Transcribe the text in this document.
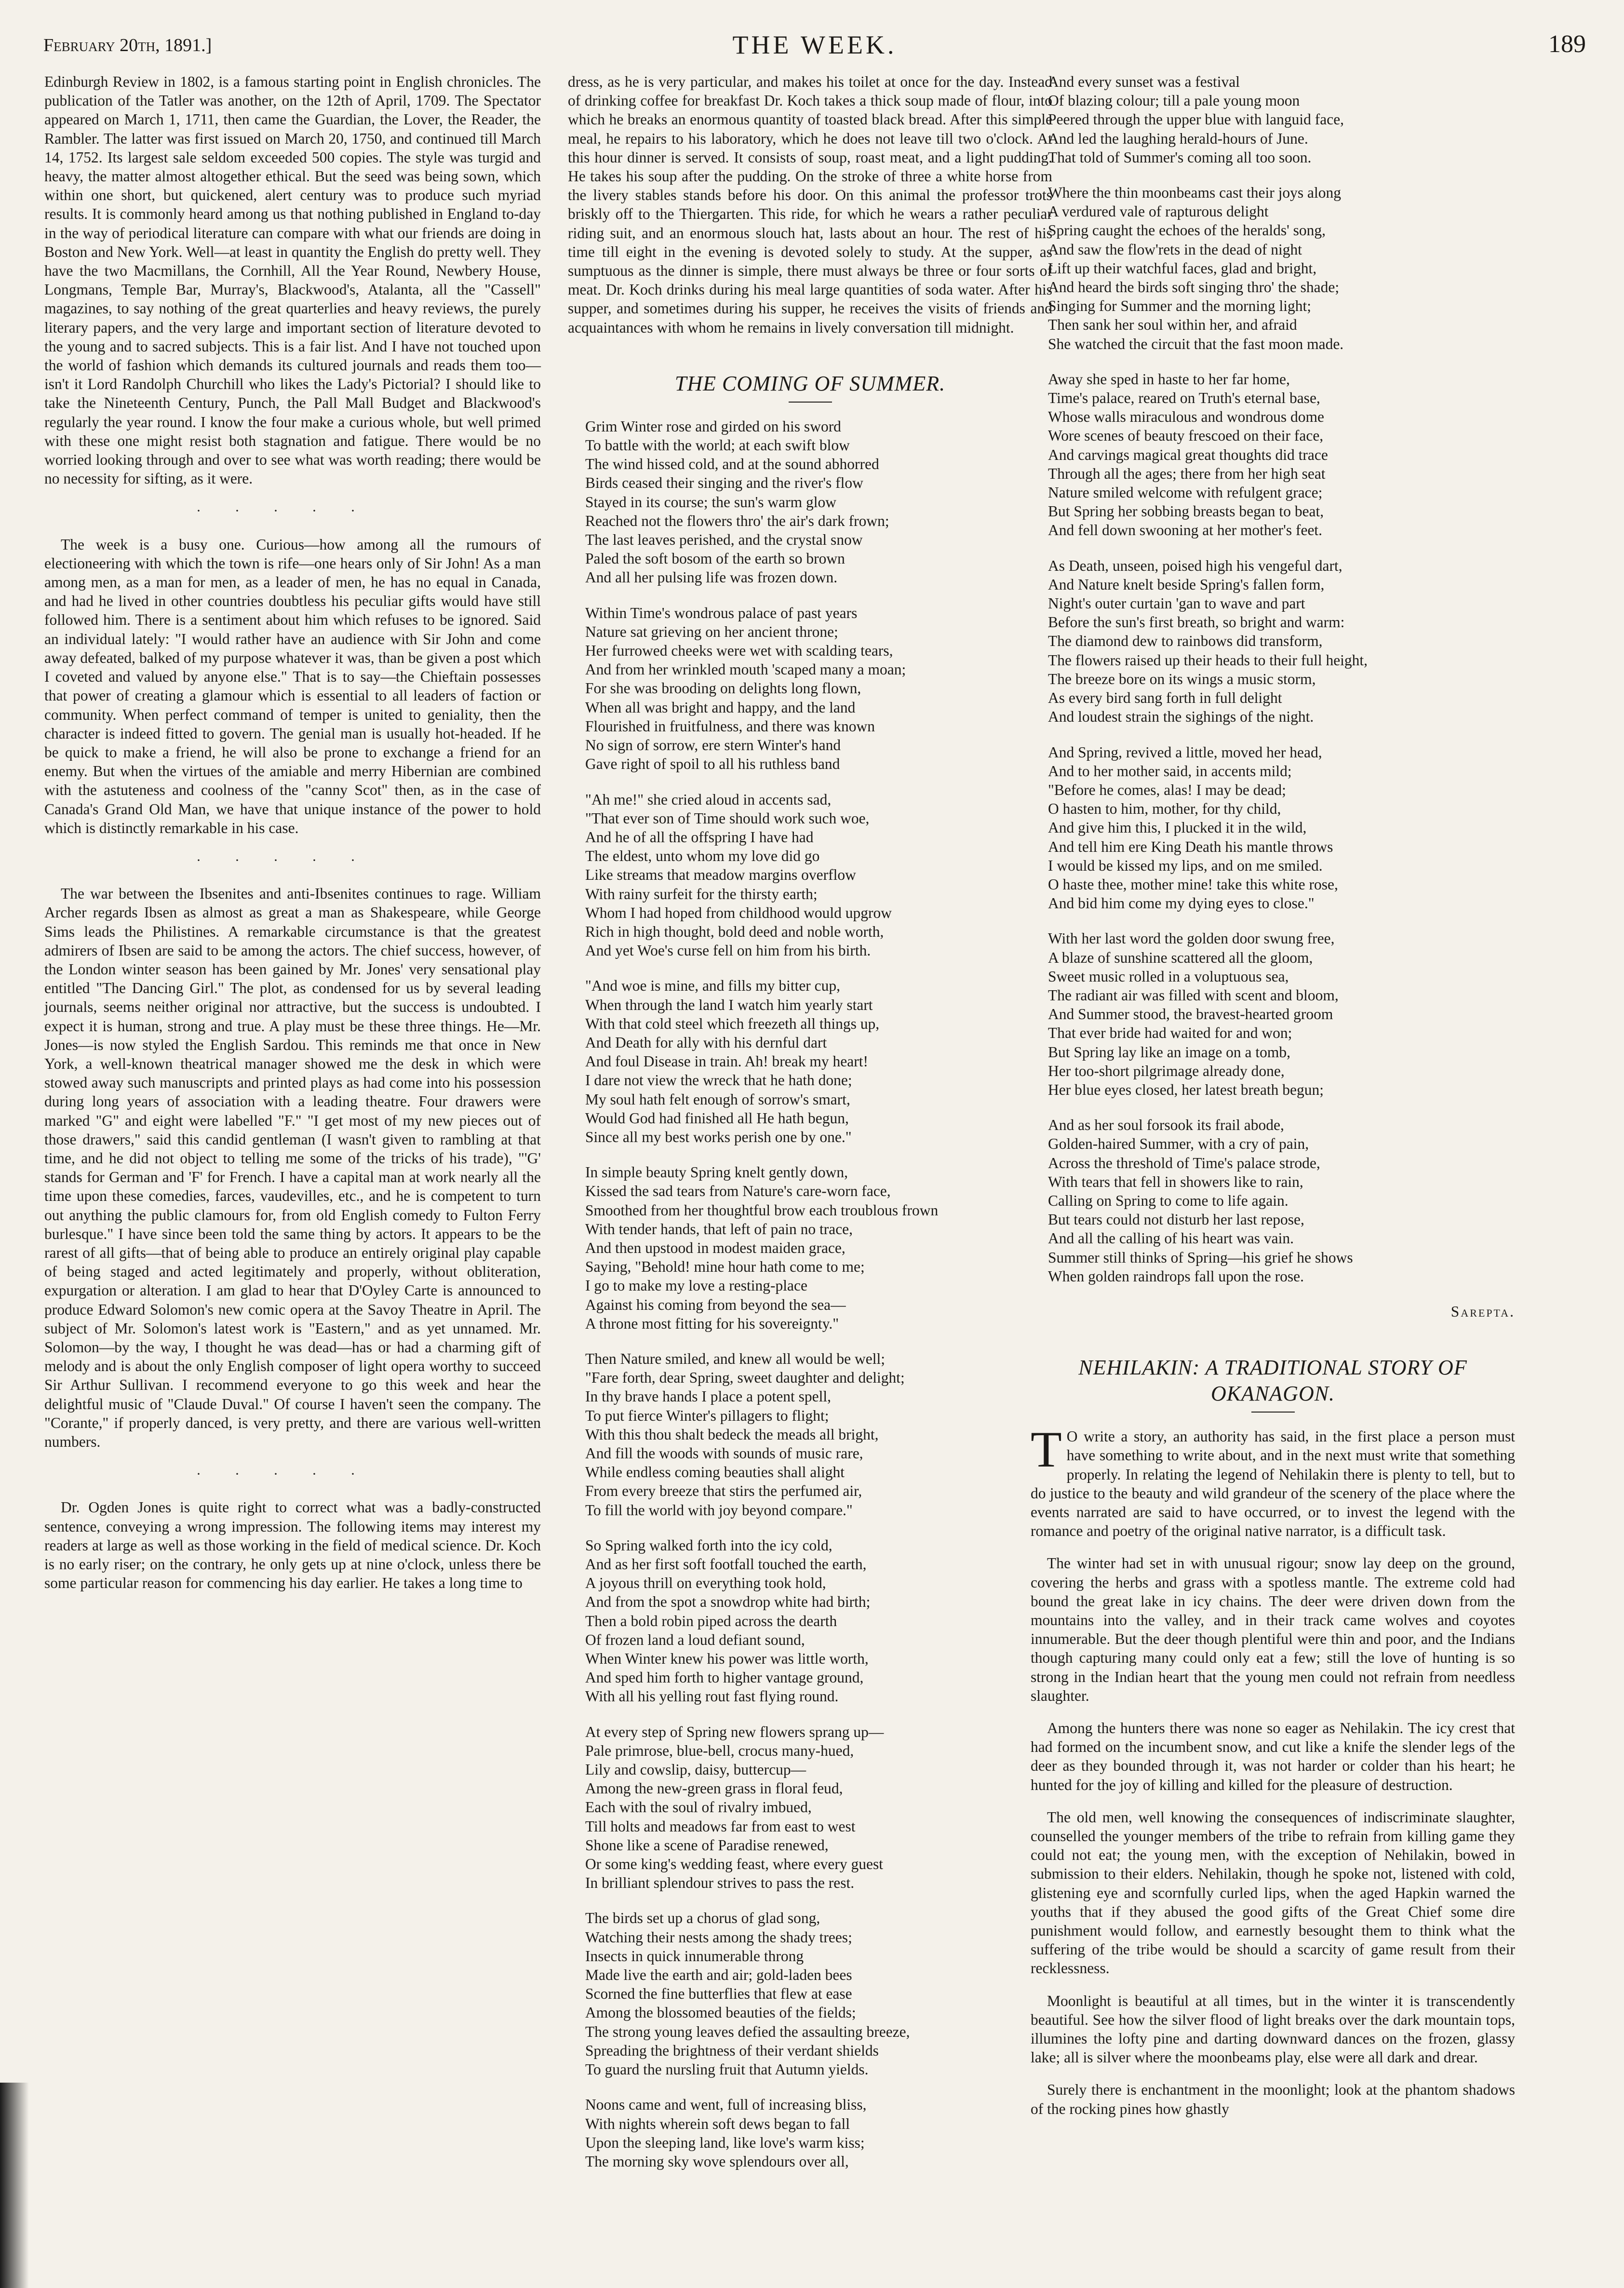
February 20th, 1891.]	THE WEEK.	189

Edinburgh Review in 1802, is a famous starting point in English chronicles. The publication of the Tatler was another, on the 12th of April, 1709. The Spectator appeared on March 1, 1711, then came the Guardian, the Lover, the Reader, the Rambler. The latter was first issued on March 20, 1750, and continued till March 14, 1752. Its largest sale seldom exceeded 500 copies. The style was turgid and heavy, the matter almost altogether ethical. But the seed was being sown, which within one short, but quickened, alert century was to produce such myriad results. It is commonly heard among us that nothing published in England to-day in the way of periodical literature can compare with what our friends are doing in Boston and New York. Well—at least in quantity the English do pretty well. They have the two Macmillans, the Cornhill, All the Year Round, Newbery House, Longmans, Temple Bar, Murray's, Blackwood's, Atalanta, all the "Cassell" magazines, to say nothing of the great quarterlies and heavy reviews, the purely literary papers, and the very large and important section of literature devoted to the young and to sacred subjects. This is a fair list. And I have not touched upon the world of fashion which demands its cultured journals and reads them too—isn't it Lord Randolph Churchill who likes the Lady's Pictorial? I should like to take the Nineteenth Century, Punch, the Pall Mall Budget and Blackwood's regularly the year round. I know the four make a curious whole, but well primed with these one might resist both stagnation and fatigue. There would be no worried looking through and over to see what was worth reading; there would be no necessity for sifting, as it were.

·····

The week is a busy one. Curious—how among all the rumours of electioneering with which the town is rife—one hears only of Sir John! As a man among men, as a man for men, as a leader of men, he has no equal in Canada, and had he lived in other countries doubtless his peculiar gifts would have still followed him. There is a sentiment about him which refuses to be ignored. Said an individual lately: "I would rather have an audience with Sir John and come away defeated, balked of my purpose whatever it was, than be given a post which I coveted and valued by anyone else." That is to say—the Chieftain possesses that power of creating a glamour which is essential to all leaders of faction or community. When perfect command of temper is united to geniality, then the character is indeed fitted to govern. The genial man is usually hot-headed. If he be quick to make a friend, he will also be prone to exchange a friend for an enemy. But when the virtues of the amiable and merry Hibernian are combined with the astuteness and coolness of the "canny Scot" then, as in the case of Canada's Grand Old Man, we have that unique instance of the power to hold which is distinctly remarkable in his case.

·····

The war between the Ibsenites and anti-Ibsenites continues to rage. William Archer regards Ibsen as almost as great a man as Shakespeare, while George Sims leads the Philistines. A remarkable circumstance is that the greatest admirers of Ibsen are said to be among the actors. The chief success, however, of the London winter season has been gained by Mr. Jones' very sensational play entitled "The Dancing Girl." The plot, as condensed for us by several leading journals, seems neither original nor attractive, but the success is undoubted. I expect it is human, strong and true. A play must be these three things. He—Mr. Jones—is now styled the English Sardou. This reminds me that once in New York, a well-known theatrical manager showed me the desk in which were stowed away such manuscripts and printed plays as had come into his possession during long years of association with a leading theatre. Four drawers were marked "G" and eight were labelled "F." "I get most of my new pieces out of those drawers," said this candid gentleman (I wasn't given to rambling at that time, and he did not object to telling me some of the tricks of his trade), "'G' stands for German and 'F' for French. I have a capital man at work nearly all the time upon these comedies, farces, vaudevilles, etc., and he is competent to turn out anything the public clamours for, from old English comedy to Fulton Ferry burlesque." I have since been told the same thing by actors. It appears to be the rarest of all gifts—that of being able to produce an entirely original play capable of being staged and acted legitimately and properly, without obliteration, expurgation or alteration. I am glad to hear that D'Oyley Carte is announced to produce Edward Solomon's new comic opera at the Savoy Theatre in April. The subject of Mr. Solomon's latest work is "Eastern," and as yet unnamed. Mr. Solomon—by the way, I thought he was dead—has or had a charming gift of melody and is about the only English composer of light opera worthy to succeed Sir Arthur Sullivan. I recommend everyone to go this week and hear the delightful music of "Claude Duval." Of course I haven't seen the company. The "Corante," if properly danced, is very pretty, and there are various well-written numbers.

·····

Dr. Ogden Jones is quite right to correct what was a badly-constructed sentence, conveying a wrong impression. The following items may interest my readers at large as well as those working in the field of medical science. Dr. Koch is no early riser; on the contrary, he only gets up at nine o'clock, unless there be some particular reason for commencing his day earlier. He takes a long time to

dress, as he is very particular, and makes his toilet at once for the day. Instead of drinking coffee for breakfast Dr. Koch takes a thick soup made of flour, into which he breaks an enormous quantity of toasted black bread. After this simple meal, he repairs to his laboratory, which he does not leave till two o'clock. At this hour dinner is served. It consists of soup, roast meat, and a light pudding. He takes his soup after the pudding. On the stroke of three a white horse from the livery stables stands before his door. On this animal the professor trots briskly off to the Thiergarten. This ride, for which he wears a rather peculiar riding suit, and an enormous slouch hat, lasts about an hour. The rest of his time till eight in the evening is devoted solely to study. At the supper, as sumptuous as the dinner is simple, there must always be three or four sorts of meat. Dr. Koch drinks during his meal large quantities of soda water. After his supper, and sometimes during his supper, he receives the visits of friends and acquaintances with whom he remains in lively conversation till midnight.

THE COMING OF SUMMER.
Grim Winter rose and girded on his sword
To battle with the world; at each swift blow
The wind hissed cold, and at the sound abhorred
Birds ceased their singing and the river's flow
Stayed in its course; the sun's warm glow
Reached not the flowers thro' the air's dark frown;
The last leaves perished, and the crystal snow
Paled the soft bosom of the earth so brown
And all her pulsing life was frozen down.
Within Time's wondrous palace of past years
Nature sat grieving on her ancient throne;
Her furrowed cheeks were wet with scalding tears,
And from her wrinkled mouth 'scaped many a moan;
For she was brooding on delights long flown,
When all was bright and happy, and the land
Flourished in fruitfulness, and there was known
No sign of sorrow, ere stern Winter's hand
Gave right of spoil to all his ruthless band
"Ah me!" she cried aloud in accents sad,
"That ever son of Time should work such woe,
And he of all the offspring I have had
The eldest, unto whom my love did go
Like streams that meadow margins overflow
With rainy surfeit for the thirsty earth;
Whom I had hoped from childhood would upgrow
Rich in high thought, bold deed and noble worth,
And yet Woe's curse fell on him from his birth.
"And woe is mine, and fills my bitter cup,
When through the land I watch him yearly start
With that cold steel which freezeth all things up,
And Death for ally with his dernful dart
And foul Disease in train. Ah! break my heart!
I dare not view the wreck that he hath done;
My soul hath felt enough of sorrow's smart,
Would God had finished all He hath begun,
Since all my best works perish one by one."
In simple beauty Spring knelt gently down,
Kissed the sad tears from Nature's care-worn face,
Smoothed from her thoughtful brow each troublous frown
With tender hands, that left of pain no trace,
And then upstood in modest maiden grace,
Saying, "Behold! mine hour hath come to me;
I go to make my love a resting-place
Against his coming from beyond the sea—
A throne most fitting for his sovereignty."
Then Nature smiled, and knew all would be well;
"Fare forth, dear Spring, sweet daughter and delight;
In thy brave hands I place a potent spell,
To put fierce Winter's pillagers to flight;
With this thou shalt bedeck the meads all bright,
And fill the woods with sounds of music rare,
While endless coming beauties shall alight
From every breeze that stirs the perfumed air,
To fill the world with joy beyond compare."
So Spring walked forth into the icy cold,
And as her first soft footfall touched the earth,
A joyous thrill on everything took hold,
And from the spot a snowdrop white had birth;
Then a bold robin piped across the dearth
Of frozen land a loud defiant sound,
When Winter knew his power was little worth,
And sped him forth to higher vantage ground,
With all his yelling rout fast flying round.
At every step of Spring new flowers sprang up—
Pale primrose, blue-bell, crocus many-hued,
Lily and cowslip, daisy, buttercup—
Among the new-green grass in floral feud,
Each with the soul of rivalry imbued,
Till holts and meadows far from east to west
Shone like a scene of Paradise renewed,
Or some king's wedding feast, where every guest
In brilliant splendour strives to pass the rest.
The birds set up a chorus of glad song,
Watching their nests among the shady trees;
Insects in quick innumerable throng
Made live the earth and air; gold-laden bees
Scorned the fine butterflies that flew at ease
Among the blossomed beauties of the fields;
The strong young leaves defied the assaulting breeze,
Spreading the brightness of their verdant shields
To guard the nursling fruit that Autumn yields.
Noons came and went, full of increasing bliss,
With nights wherein soft dews began to fall
Upon the sleeping land, like love's warm kiss;
The morning sky wove splendours over all,
And every sunset was a festival
Of blazing colour; till a pale young moon
Peered through the upper blue with languid face,
And led the laughing herald-hours of June.
That told of Summer's coming all too soon.
Where the thin moonbeams cast their joys along
A verdured vale of rapturous delight
Spring caught the echoes of the heralds' song,
And saw the flow'rets in the dead of night
Lift up their watchful faces, glad and bright,
And heard the birds soft singing thro' the shade;
Singing for Summer and the morning light;
Then sank her soul within her, and afraid
She watched the circuit that the fast moon made.
Away she sped in haste to her far home,
Time's palace, reared on Truth's eternal base,
Whose walls miraculous and wondrous dome
Wore scenes of beauty frescoed on their face,
And carvings magical great thoughts did trace
Through all the ages; there from her high seat
Nature smiled welcome with refulgent grace;
But Spring her sobbing breasts began to beat,
And fell down swooning at her mother's feet.
As Death, unseen, poised high his vengeful dart,
And Nature knelt beside Spring's fallen form,
Night's outer curtain 'gan to wave and part
Before the sun's first breath, so bright and warm:
The diamond dew to rainbows did transform,
The flowers raised up their heads to their full height,
The breeze bore on its wings a music storm,
As every bird sang forth in full delight
And loudest strain the sighings of the night.
And Spring, revived a little, moved her head,
And to her mother said, in accents mild;
"Before he comes, alas! I may be dead;
O hasten to him, mother, for thy child,
And give him this, I plucked it in the wild,
And tell him ere King Death his mantle throws
I would be kissed my lips, and on me smiled.
O haste thee, mother mine! take this white rose,
And bid him come my dying eyes to close."
With her last word the golden door swung free,
A blaze of sunshine scattered all the gloom,
Sweet music rolled in a voluptuous sea,
The radiant air was filled with scent and bloom,
And Summer stood, the bravest-hearted groom
That ever bride had waited for and won;
But Spring lay like an image on a tomb,
Her too-short pilgrimage already done,
Her blue eyes closed, her latest breath begun;
And as her soul forsook its frail abode,
Golden-haired Summer, with a cry of pain,
Across the threshold of Time's palace strode,
With tears that fell in showers like to rain,
Calling on Spring to come to life again.
But tears could not disturb her last repose,
And all the calling of his heart was vain.
Summer still thinks of Spring—his grief he shows
When golden raindrops fall upon the rose.
Sarepta.
NEHILAKIN: A TRADITIONAL STORY OF OKANAGON.

T O write a story, an authority has said, in the first place a person must have something to write about, and in the next must write that something properly. In relating the legend of Nehilakin there is plenty to tell, but to do justice to the beauty and wild grandeur of the scenery of the place where the events narrated are said to have occurred, or to invest the legend with the romance and poetry of the original native narrator, is a difficult task.

The winter had set in with unusual rigour; snow lay deep on the ground, covering the herbs and grass with a spotless mantle. The extreme cold had bound the great lake in icy chains. The deer were driven down from the mountains into the valley, and in their track came wolves and coyotes innumerable. But the deer though plentiful were thin and poor, and the Indians though capturing many could only eat a few; still the love of hunting is so strong in the Indian heart that the young men could not refrain from needless slaughter.

Among the hunters there was none so eager as Nehilakin. The icy crest that had formed on the incumbent snow, and cut like a knife the slender legs of the deer as they bounded through it, was not harder or colder than his heart; he hunted for the joy of killing and killed for the pleasure of destruction.

The old men, well knowing the consequences of indiscriminate slaughter, counselled the younger members of the tribe to refrain from killing game they could not eat; the young men, with the exception of Nehilakin, bowed in submission to their elders. Nehilakin, though he spoke not, listened with cold, glistening eye and scornfully curled lips, when the aged Hapkin warned the youths that if they abused the good gifts of the Great Chief some dire punishment would follow, and earnestly besought them to think what the suffering of the tribe would be should a scarcity of game result from their recklessness.

Moonlight is beautiful at all times, but in the winter it is transcendently beautiful. See how the silver flood of light breaks over the dark mountain tops, illumines the lofty pine and darting downward dances on the frozen, glassy lake; all is silver where the moonbeams play, else were all dark and drear.

Surely there is enchantment in the moonlight; look at the phantom shadows of the rocking pines how ghastly
